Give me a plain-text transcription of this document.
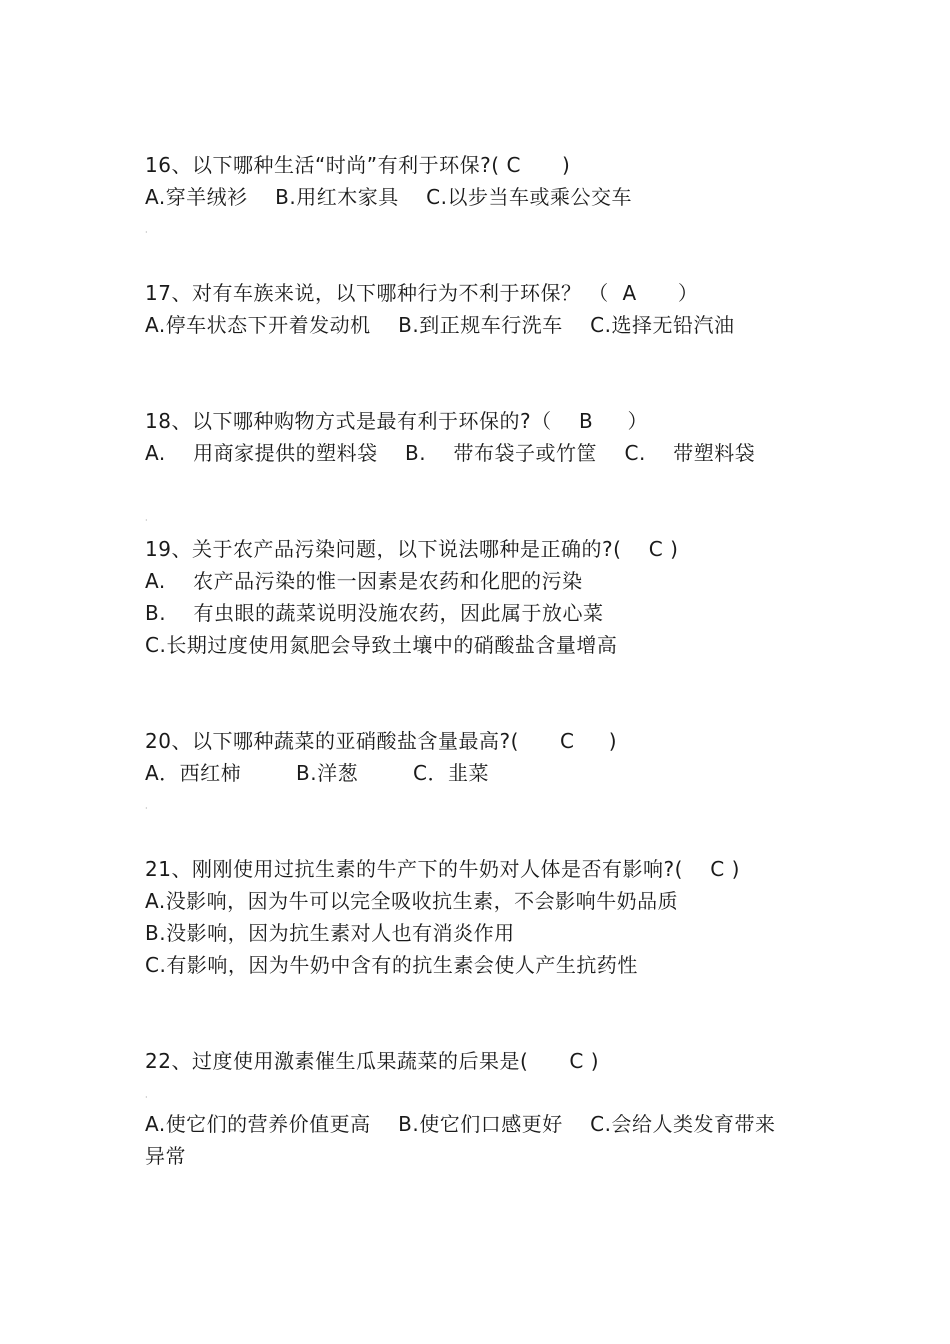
16、以下哪种生活“时尚”有利于环保?( C      )
A.穿羊绒衫    B.用红木家具    C.以步当车或乘公交车
·
17、对有车族来说，以下哪种行为不利于环保？ （  A      ）
A.停车状态下开着发动机    B.到正规车行洗车    C.选择无铅汽油
18、以下哪种购物方式是最有利于环保的?（    B     ）
A.    用商家提供的塑料袋    B.    带布袋子或竹筐    C.    带塑料袋
·
19、关于农产品污染问题，以下说法哪种是正确的?(    C )
A.    农产品污染的惟一因素是农药和化肥的污染
B.    有虫眼的蔬菜说明没施农药，因此属于放心菜
C.长期过度使用氮肥会导致土壤中的硝酸盐含量增高
20、以下哪种蔬菜的亚硝酸盐含量最高?(      C     )
A．西红柿        B.洋葱        C．韭菜
·
21、刚刚使用过抗生素的牛产下的牛奶对人体是否有影响?(    C )
A.没影响，因为牛可以完全吸收抗生素，不会影响牛奶品质
B.没影响，因为抗生素对人也有消炎作用
C.有影响，因为牛奶中含有的抗生素会使人产生抗药性
22、过度使用激素催生瓜果蔬菜的后果是(      C )
·
A.使它们的营养价值更高    B.使它们口感更好    C.会给人类发育带来
异常
